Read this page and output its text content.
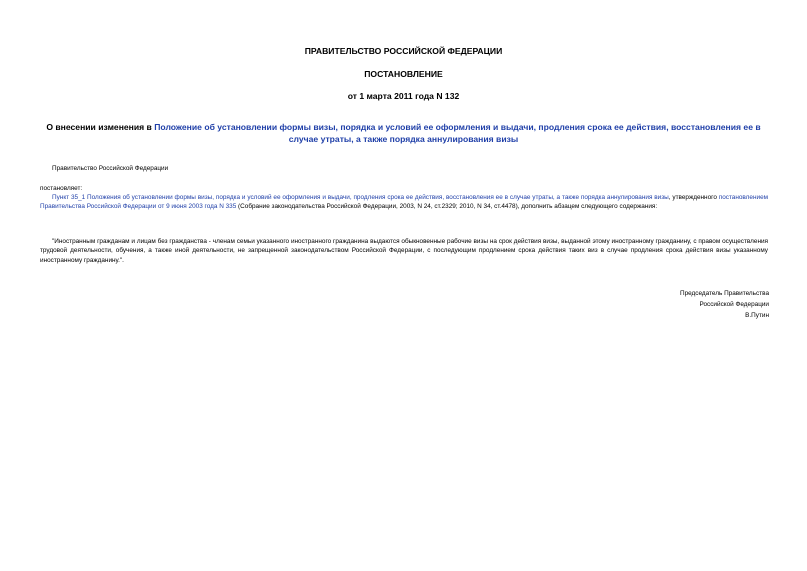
ПРАВИТЕЛЬСТВО РОССИЙСКОЙ ФЕДЕРАЦИИ
ПОСТАНОВЛЕНИЕ
от 1 марта 2011 года N 132
О внесении изменения в Положение об установлении формы визы, порядка и условий ее оформления и выдачи, продления срока ее действия, восстановления ее в случае утраты, а также порядка аннулирования визы
Правительство Российской Федерации
постановляет:
Пункт 35_1 Положения об установлении формы визы, порядка и условий ее оформления и выдачи, продления срока ее действия, восстановления ее в случае утраты, а также порядка аннулирования визы, утвержденного постановлением Правительства Российской Федерации от 9 июня 2003 года N 335 (Собрание законодательства Российской Федерации, 2003, N 24, ст.2329; 2010, N 34, ст.4478), дополнить абзацем следующего содержания:
"Иностранным гражданам и лицам без гражданства - членам семьи указанного иностранного гражданина выдаются обыкновенные рабочие визы на срок действия визы, выданной этому иностранному гражданину, с правом осуществления трудовой деятельности, обучения, а также иной деятельности, не запрещенной законодательством Российской Федерации, с последующим продлением срока действия таких виз в случае продления срока действия визы указанному иностранному гражданину.".
Председатель Правительства
Российской Федерации
В.Путин
